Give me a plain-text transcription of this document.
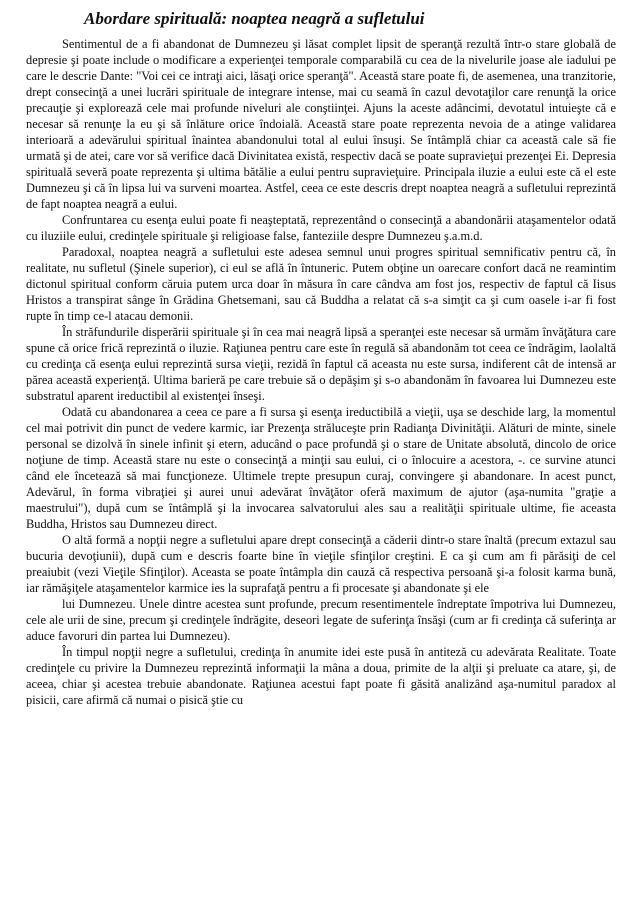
Abordare spirituală: noaptea neagră a sufletului

Sentimentul de a fi abandonat de Dumnezeu şi lăsat complet lipsit de speranţă rezultă într-o stare globală de depresie şi poate include o modificare a experienţei temporale comparabilă cu cea de la nivelurile joase ale iadului pe care le descrie Dante: "Voi cei ce intraţi aici, lăsaţi orice speranţă". Această stare poate fi, de asemenea, una tranzitorie, drept consecinţă a unei lucrări spirituale de integrare intense, mai cu seamă în cazul devotaţilor care renunţă la orice precauţie şi explorează cele mai profunde niveluri ale conştiinţei. Ajuns la aceste adâncimi, devotatul intuieşte că e necesar să renunţe la eu şi să înlăture orice îndoială. Această stare poate reprezenta nevoia de a atinge validarea interioară a adevărului spiritual înaintea abandonului total al eului însuşi. Se întâmplă chiar ca această cale să fie urmată şi de atei, care vor să verifice dacă Divinitatea există, respectiv dacă se poate supravieţui prezenţei Ei. Depresia spirituală severă poate reprezenta şi ultima bătălie a eului pentru supravieţuire. Principala iluzie a eului este că el este Dumnezeu şi că în lipsa lui va surveni moartea. Astfel, ceea ce este descris drept noaptea neagră a sufletului reprezintă de fapt noaptea neagră a eului.

Confruntarea cu esenţa eului poate fi neaşteptată, reprezentând o consecinţă a abandonării ataşamentelor odată cu iluziile eului, credinţele spirituale şi religioase false, fanteziile despre Dumnezeu ş.a.m.d.

Paradoxal, noaptea neagră a sufletului este adesea semnul unui progres spiritual semnificativ pentru că, în realitate, nu sufletul (Şinele superior), ci eul se află în întuneric. Putem obţine un oarecare confort dacă ne reamintim dictonul spiritual conform căruia putem urca doar în măsura în care cândva am fost jos, respectiv de faptul că Iisus Hristos a transpirat sânge în Grădina Ghetsemani, sau că Buddha a relatat că s-a simţit ca şi cum oasele i-ar fi fost rupte în timp ce-l atacau demonii.

În străfundurile disperării spirituale şi în cea mai neagră lipsă a speranţei este necesar să urmăm învăţătura care spune că orice frică reprezintă o iluzie. Raţiunea pentru care este în regulă să abandonăm tot ceea ce îndrăgim, laolaltă cu credinţa că esenţa eului reprezintă sursa vieţii, rezidă în faptul că aceasta nu este sursa, indiferent cât de intensă ar părea această experienţă. Ultima barieră pe care trebuie să o depăşim şi s-o abandonăm în favoarea lui Dumnezeu este substratul aparent ireductibil al existenţei înseşi.

Odată cu abandonarea a ceea ce pare a fi sursa şi esenţa ireductibilă a vieţii, uşa se deschide larg, la momentul cel mai potrivit din punct de vedere karmic, iar Prezenţa străluceşte prin Radianţa Divinităţii. Alături de minte, sinele personal se dizolvă în sinele infinit şi etern, aducând o pace profundă şi o stare de Unitate absolută, dincolo de orice noţiune de timp. Această stare nu este o consecinţă a minţii sau eului, ci o înlocuire a acestora, -. ce survine atunci când ele încetează să mai funcţioneze. Ultimele trepte presupun curaj, convingere şi abandonare. In acest punct, Adevărul, în forma vibraţiei şi aurei unui adevărat învăţător oferă maximum de ajutor (aşa-numita "graţie a maestrului"), după cum se întâmplă şi la invocarea salvatorului ales sau a realităţii spirituale ultime, fie aceasta Buddha, Hristos sau Dumnezeu direct.

O altă formă a nopţii negre a sufletului apare drept consecinţă a căderii dintr-o stare înaltă (precum extazul sau bucuria devoţiunii), după cum e descris foarte bine în vieţile sfinţilor creştini. E ca şi cum am fi părăsiţi de cel preaiubit (vezi Vieţile Sfinţilor). Aceasta se poate întâmpla din cauză că respectiva persoană şi-a folosit karma bună, iar rămăşiţele ataşamentelor karmice ies la suprafaţă pentru a fi procesate şi abandonate şi ele

lui Dumnezeu. Unele dintre acestea sunt profunde, precum resentimentele îndreptate împotriva lui Dumnezeu, cele ale urii de sine, precum şi credinţele îndrăgite, deseori legate de suferinţa însăşi (cum ar fi credinţa că suferinţa ar aduce favoruri din partea lui Dumnezeu).

În timpul nopţii negre a sufletului, credinţa în anumite idei este pusă în antiteză cu adevărata Realitate. Toate credinţele cu privire la Dumnezeu reprezintă informaţii la mâna a doua, primite de la alţii şi preluate ca atare, şi, de aceea, chiar şi acestea trebuie abandonate. Raţiunea acestui fapt poate fi găsită analizând aşa-numitul paradox al pisicii, care afirmă că numai o pisică ştie cu
